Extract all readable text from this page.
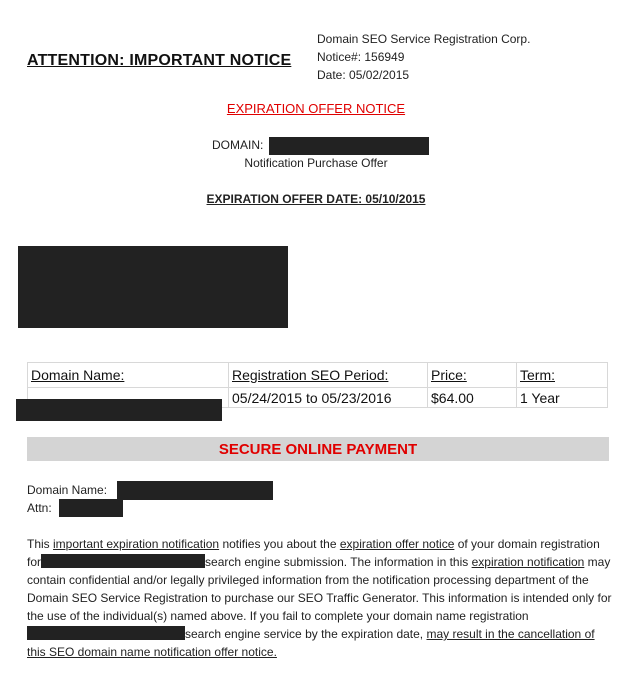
ATTENTION: IMPORTANT NOTICE
Domain SEO Service Registration Corp.
Notice#: 156949
Date: 05/02/2015
EXPIRATION OFFER NOTICE
DOMAIN:
Notification Purchase Offer
EXPIRATION OFFER DATE: 05/10/2015
Domain Name:	Registration SEO Period:	Price:	Term:
	05/24/2015 to 05/23/2016	$64.00	1 Year
SECURE ONLINE PAYMENT
Domain Name:
Attn:
This important expiration notification notifies you about the expiration offer notice of your domain registration for	search engine submission. The information in this expiration notification may contain confidential and/or legally privileged information from the notification processing department of the Domain SEO Service Registration to purchase our SEO Traffic Generator. This information is intended only for the use of the individual(s) named above. If you fail to complete your domain name registration search engine service by the expiration date, may result in the cancellation of this SEO domain name notification offer notice.
